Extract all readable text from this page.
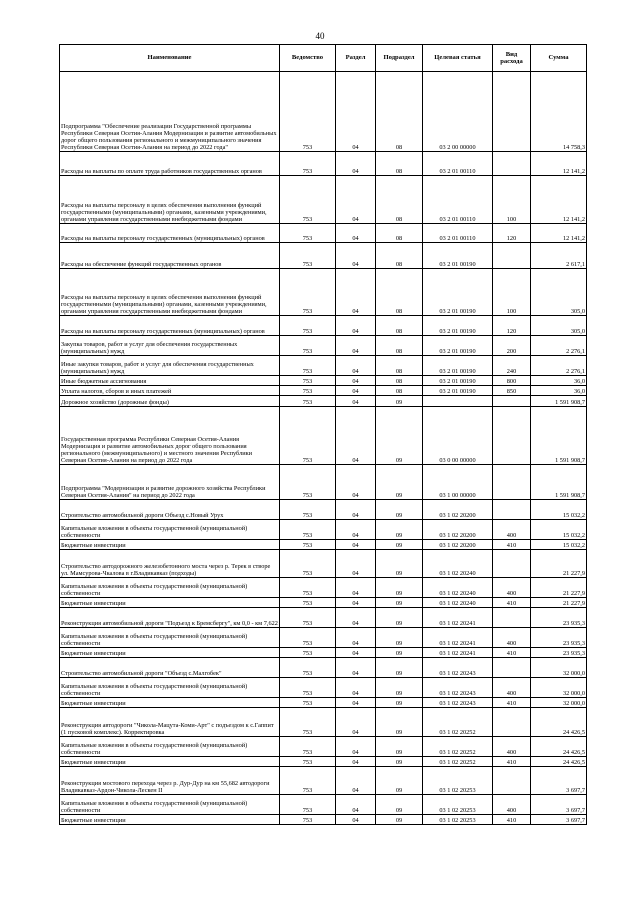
40
Наименование	Ведомство	Раздел	Подраздел	Целевая статья	Вид расхода	Сумма
Подпрограмма "Обеспечение реализации Государственной программы Республики Северная Осетия-Алания Модернизация и развитие автомобильных дорог общего пользования регионального и межмуниципального значения Республики Северная Осетия-Алания на период до 2022 года"	753	04	08	03 2 00 00000		14 758,3
Расходы на выплаты по оплате труда работников государственных органов	753	04	08	03 2 01 00110		12 141,2
Расходы на выплаты персоналу в целях обеспечения выполнения функций государственными (муниципальными) органами, казенными учреждениями, органами управления государственными внебюджетными фондами	753	04	08	03 2 01 00110	100	12 141,2
Расходы на выплаты персоналу государственных (муниципальных) органов	753	04	08	03 2 01 00110	120	12 141,2
Расходы на обеспечение функций государственных органов	753	04	08	03 2 01 00190		2 617,1
Расходы на выплаты персоналу в целях обеспечения выполнения функций государственными (муниципальными) органами, казенными учреждениями, органами управления государственными внебюджетными фондами	753	04	08	03 2 01 00190	100	305,0
Расходы на выплаты персоналу государственных (муниципальных) органов	753	04	08	03 2 01 00190	120	305,0
Закупка товаров, работ и услуг для обеспечения государственных (муниципальных) нужд	753	04	08	03 2 01 00190	200	2 276,1
Иные закупки товаров, работ и услуг для обеспечения государственных (муниципальных) нужд	753	04	08	03 2 01 00190	240	2 276,1
Иные бюджетные ассигнования	753	04	08	03 2 01 00190	800	36,0
Уплата налогов, сборов и иных платежей	753	04	08	03 2 01 00190	850	36,0
Дорожное хозяйство (дорожные фонды)	753	04	09			1 591 908,7
Государственная программа Республики Северная Осетия-Алания Модернизация и развитие автомобильных дорог общего пользования регионального (межмуниципального) и местного значения Республики Северная Осетия-Алания на период до 2022 года	753	04	09	03 0 00 00000		1 591 908,7
Подпрограмма "Модернизация и развитие дорожного хозяйства Республики Северная Осетия-Алания" на период до 2022 года	753	04	09	03 1 00 00000		1 591 908,7
Строительство автомобильной дороги Объезд с.Новый Урух	753	04	09	03 1 02 20200		15 032,2
Капитальные вложения в объекты государственной (муниципальной) собственности	753	04	09	03 1 02 20200	400	15 032,2
Бюджетные инвестиции	753	04	09	03 1 02 20200	410	15 032,2
Строительство автодорожного железобетонного моста через р. Терек в створе ул. Мамсурова-Чкалова в г.Владикавказ (подходы)	753	04	09	03 1 02 20240		21 227,9
Капитальные вложения в объекты государственной (муниципальной) собственности	753	04	09	03 1 02 20240	400	21 227,9
Бюджетные инвестиции	753	04	09	03 1 02 20240	410	21 227,9
Реконструкция автомобильной дороги "Подъезд к Бремсбергу", км 0,0 - км 7,622	753	04	09	03 1 02 20241		23 935,3
Капитальные вложения в объекты государственной (муниципальной) собственности	753	04	09	03 1 02 20241	400	23 935,3
Бюджетные инвестиции	753	04	09	03 1 02 20241	410	23 935,3
Строительство автомобильной дороги "Объезд с.Малгобек"	753	04	09	03 1 02 20243		32 000,0
Капитальные вложения в объекты государственной (муниципальной) собственности	753	04	09	03 1 02 20243	400	32 000,0
Бюджетные инвестиции	753	04	09	03 1 02 20243	410	32 000,0
Реконструкция автодороги "Чикола-Мацута-Коми-Арт" с подъездом к с.Гаппит (1 пусковой комплекс). Корректировка	753	04	09	03 1 02 20252		24 426,5
Капитальные вложения в объекты государственной (муниципальной) собственности	753	04	09	03 1 02 20252	400	24 426,5
Бюджетные инвестиции	753	04	09	03 1 02 20252	410	24 426,5
Реконструкция мостового перехода через р. Дур-Дур на км 55,682 автодороги Владикавказ-Ардон-Чикола-Лескен II	753	04	09	03 1 02 20253		3 697,7
Капитальные вложения в объекты государственной (муниципальной) собственности	753	04	09	03 1 02 20253	400	3 697,7
Бюджетные инвестиции	753	04	09	03 1 02 20253	410	3 697,7
